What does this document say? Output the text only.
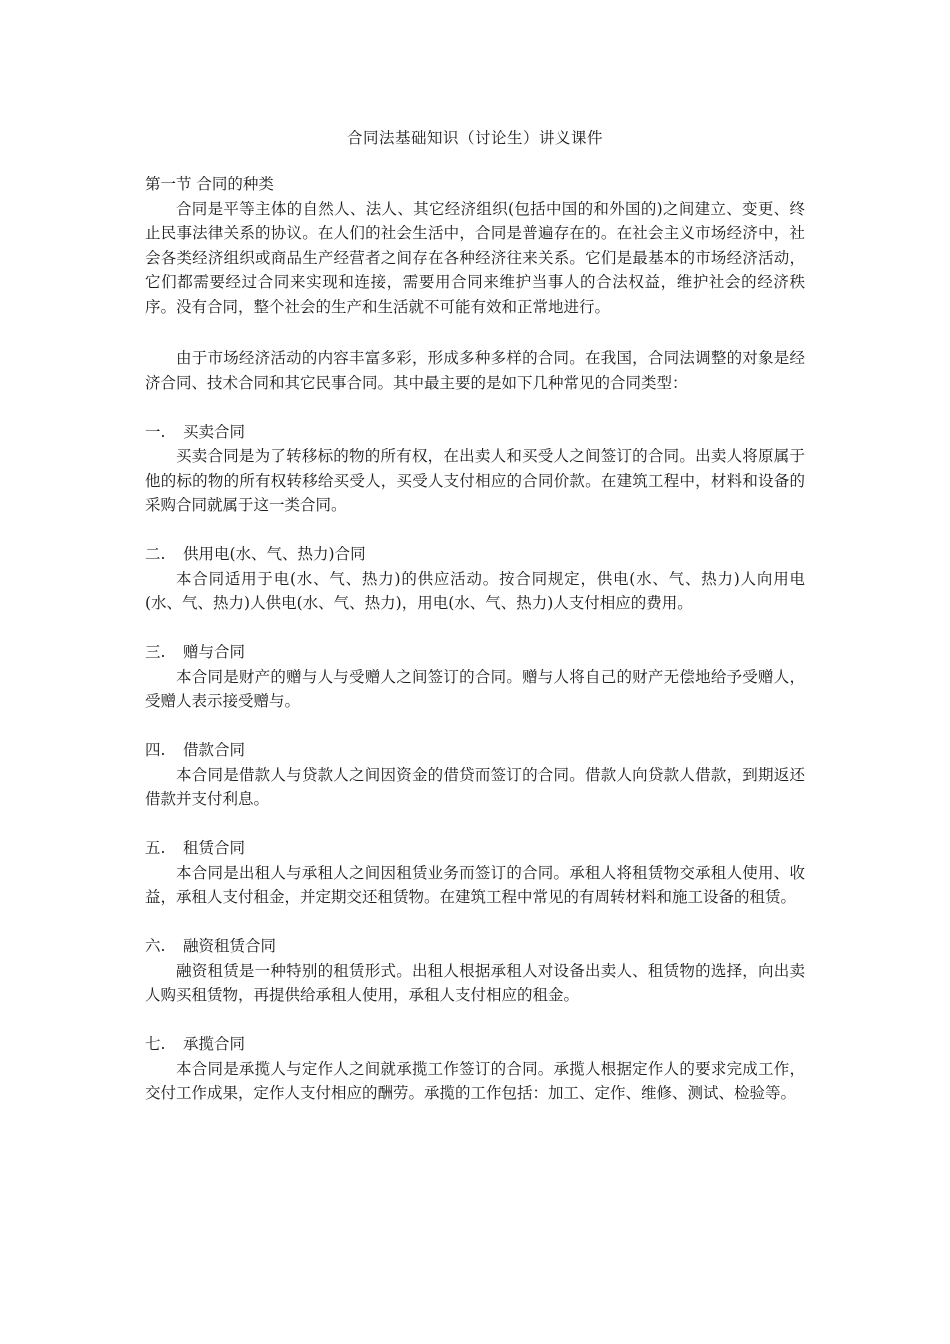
合同法基础知识（讨论生）讲义课件

第一节 合同的种类

合同是平等主体的自然人、法人、其它经济组织(包括中国的和外国的)之间建立、变更、终止民事法律关系的协议。在人们的社会生活中，合同是普遍存在的。在社会主义市场经济中，社会各类经济组织或商品生产经营者之间存在各种经济往来关系。它们是最基本的市场经济活动，它们都需要经过合同来实现和连接，需要用合同来维护当事人的合法权益，维护社会的经济秩序。没有合同，整个社会的生产和生活就不可能有效和正常地进行。

由于市场经济活动的内容丰富多彩，形成多种多样的合同。在我国，合同法调整的对象是经济合同、技术合同和其它民事合同。其中最主要的是如下几种常见的合同类型：

一. 买卖合同

买卖合同是为了转移标的物的所有权，在出卖人和买受人之间签订的合同。出卖人将原属于他的标的物的所有权转移给买受人，买受人支付相应的合同价款。在建筑工程中，材料和设备的采购合同就属于这一类合同。

二. 供用电(水、气、热力)合同

本合同适用于电(水、气、热力)的供应活动。按合同规定，供电(水、气、热力)人向用电(水、气、热力)人供电(水、气、热力)，用电(水、气、热力)人支付相应的费用。

三. 赠与合同

本合同是财产的赠与人与受赠人之间签订的合同。赠与人将自己的财产无偿地给予受赠人，受赠人表示接受赠与。

四. 借款合同

本合同是借款人与贷款人之间因资金的借贷而签订的合同。借款人向贷款人借款，到期返还借款并支付利息。

五. 租赁合同

本合同是出租人与承租人之间因租赁业务而签订的合同。承租人将租赁物交承租人使用、收益，承租人支付租金，并定期交还租赁物。在建筑工程中常见的有周转材料和施工设备的租赁。

六. 融资租赁合同

融资租赁是一种特别的租赁形式。出租人根据承租人对设备出卖人、租赁物的选择，向出卖人购买租赁物，再提供给承租人使用，承租人支付相应的租金。

七. 承揽合同

本合同是承揽人与定作人之间就承揽工作签订的合同。承揽人根据定作人的要求完成工作，交付工作成果，定作人支付相应的酬劳。承揽的工作包括：加工、定作、维修、测试、检验等。
